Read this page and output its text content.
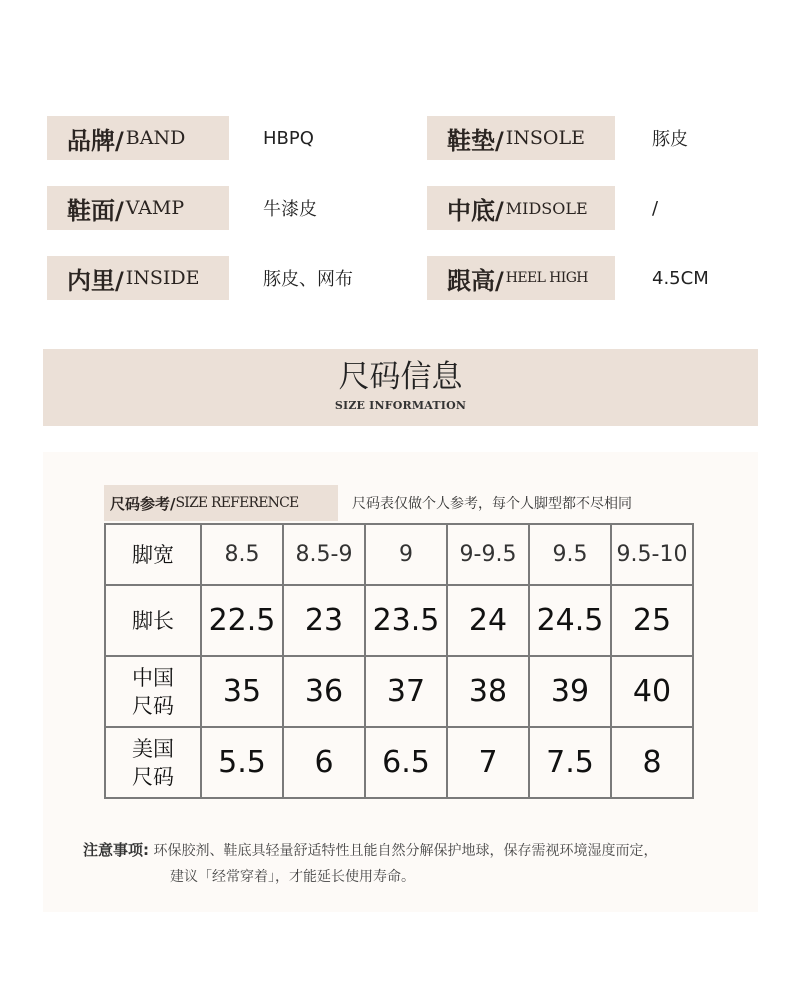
品牌/ BAND	HBPQ	鞋垫/ INSOLE	豚皮
鞋面/ VAMP	牛漆皮	中底/ MIDSOLE	/
内里/ INSIDE	豚皮、网布	跟高/ HEEL HIGH	4.5CM
尺码信息
SIZE INFORMATION
尺码参考/ SIZE REFERENCE	尺码表仅做个人参考，每个人脚型都不尽相同
脚宽	8.5	8.5-9	9	9-9.5	9.5	9.5-10
脚长	22.5	23	23.5	24	24.5	25
中国
尺码	35	36	37	38	39	40
美国
尺码	5.5	6	6.5	7	7.5	8
注意事项: 环保胶剂、鞋底具轻量舒适特性且能自然分解保护地球，保存需视环境湿度而定，
建议「经常穿着」，才能延长使用寿命。
